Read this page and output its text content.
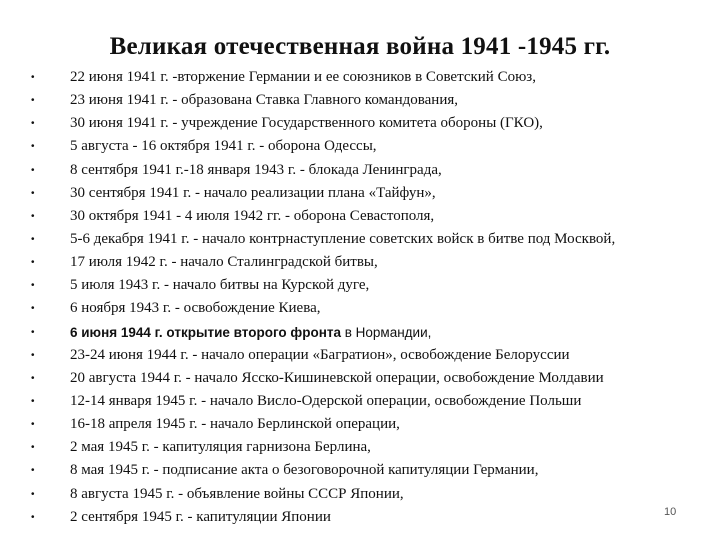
Великая отечественная война 1941 -1945 гг.
• 22 июня 1941 г. -вторжение Германии и ее союзников в Советский Союз,
• 23 июня 1941 г. - образована Ставка Главного командования,
• 30 июня 1941 г. - учреждение Государственного комитета обороны (ГКО),
• 5 августа - 16 октября 1941 г. - оборона Одессы,
• 8 сентября 1941 г.-18 января 1943 г. - блокада Ленинграда,
• 30 сентября 1941 г. - начало реализации плана «Тайфун»,
• 30 октября 1941 - 4 июля 1942 гг. - оборона Севастополя,
• 5-6 декабря 1941 г. - начало контрнаступление советских войск в битве под Москвой,
• 17 июля 1942 г. - начало Сталинградской битвы,
• 5 июля 1943 г. - начало битвы на Курской дуге,
• 6 ноября 1943 г. - освобождение Киева,
•	6 июня 1944 г. открытие второго фронта в Нормандии,
• 23-24 июня 1944 г. - начало операции «Багратион», освобождение Белоруссии
• 20 августа 1944 г. - начало Ясско-Кишиневской операции, освобождение Молдавии
• 12-14 января 1945 г. - начало Висло-Одерской операции, освобождение Польши
• 16-18 апреля 1945 г. - начало Берлинской операции,
• 2 мая 1945 г. - капитуляция гарнизона Берлина,
• 8 мая 1945 г. - подписание акта о безоговорочной капитуляции Германии,
• 8 августа 1945 г. - объявление войны СССР Японии,
• 2 сентября 1945 г. - капитуляции Японии	10
